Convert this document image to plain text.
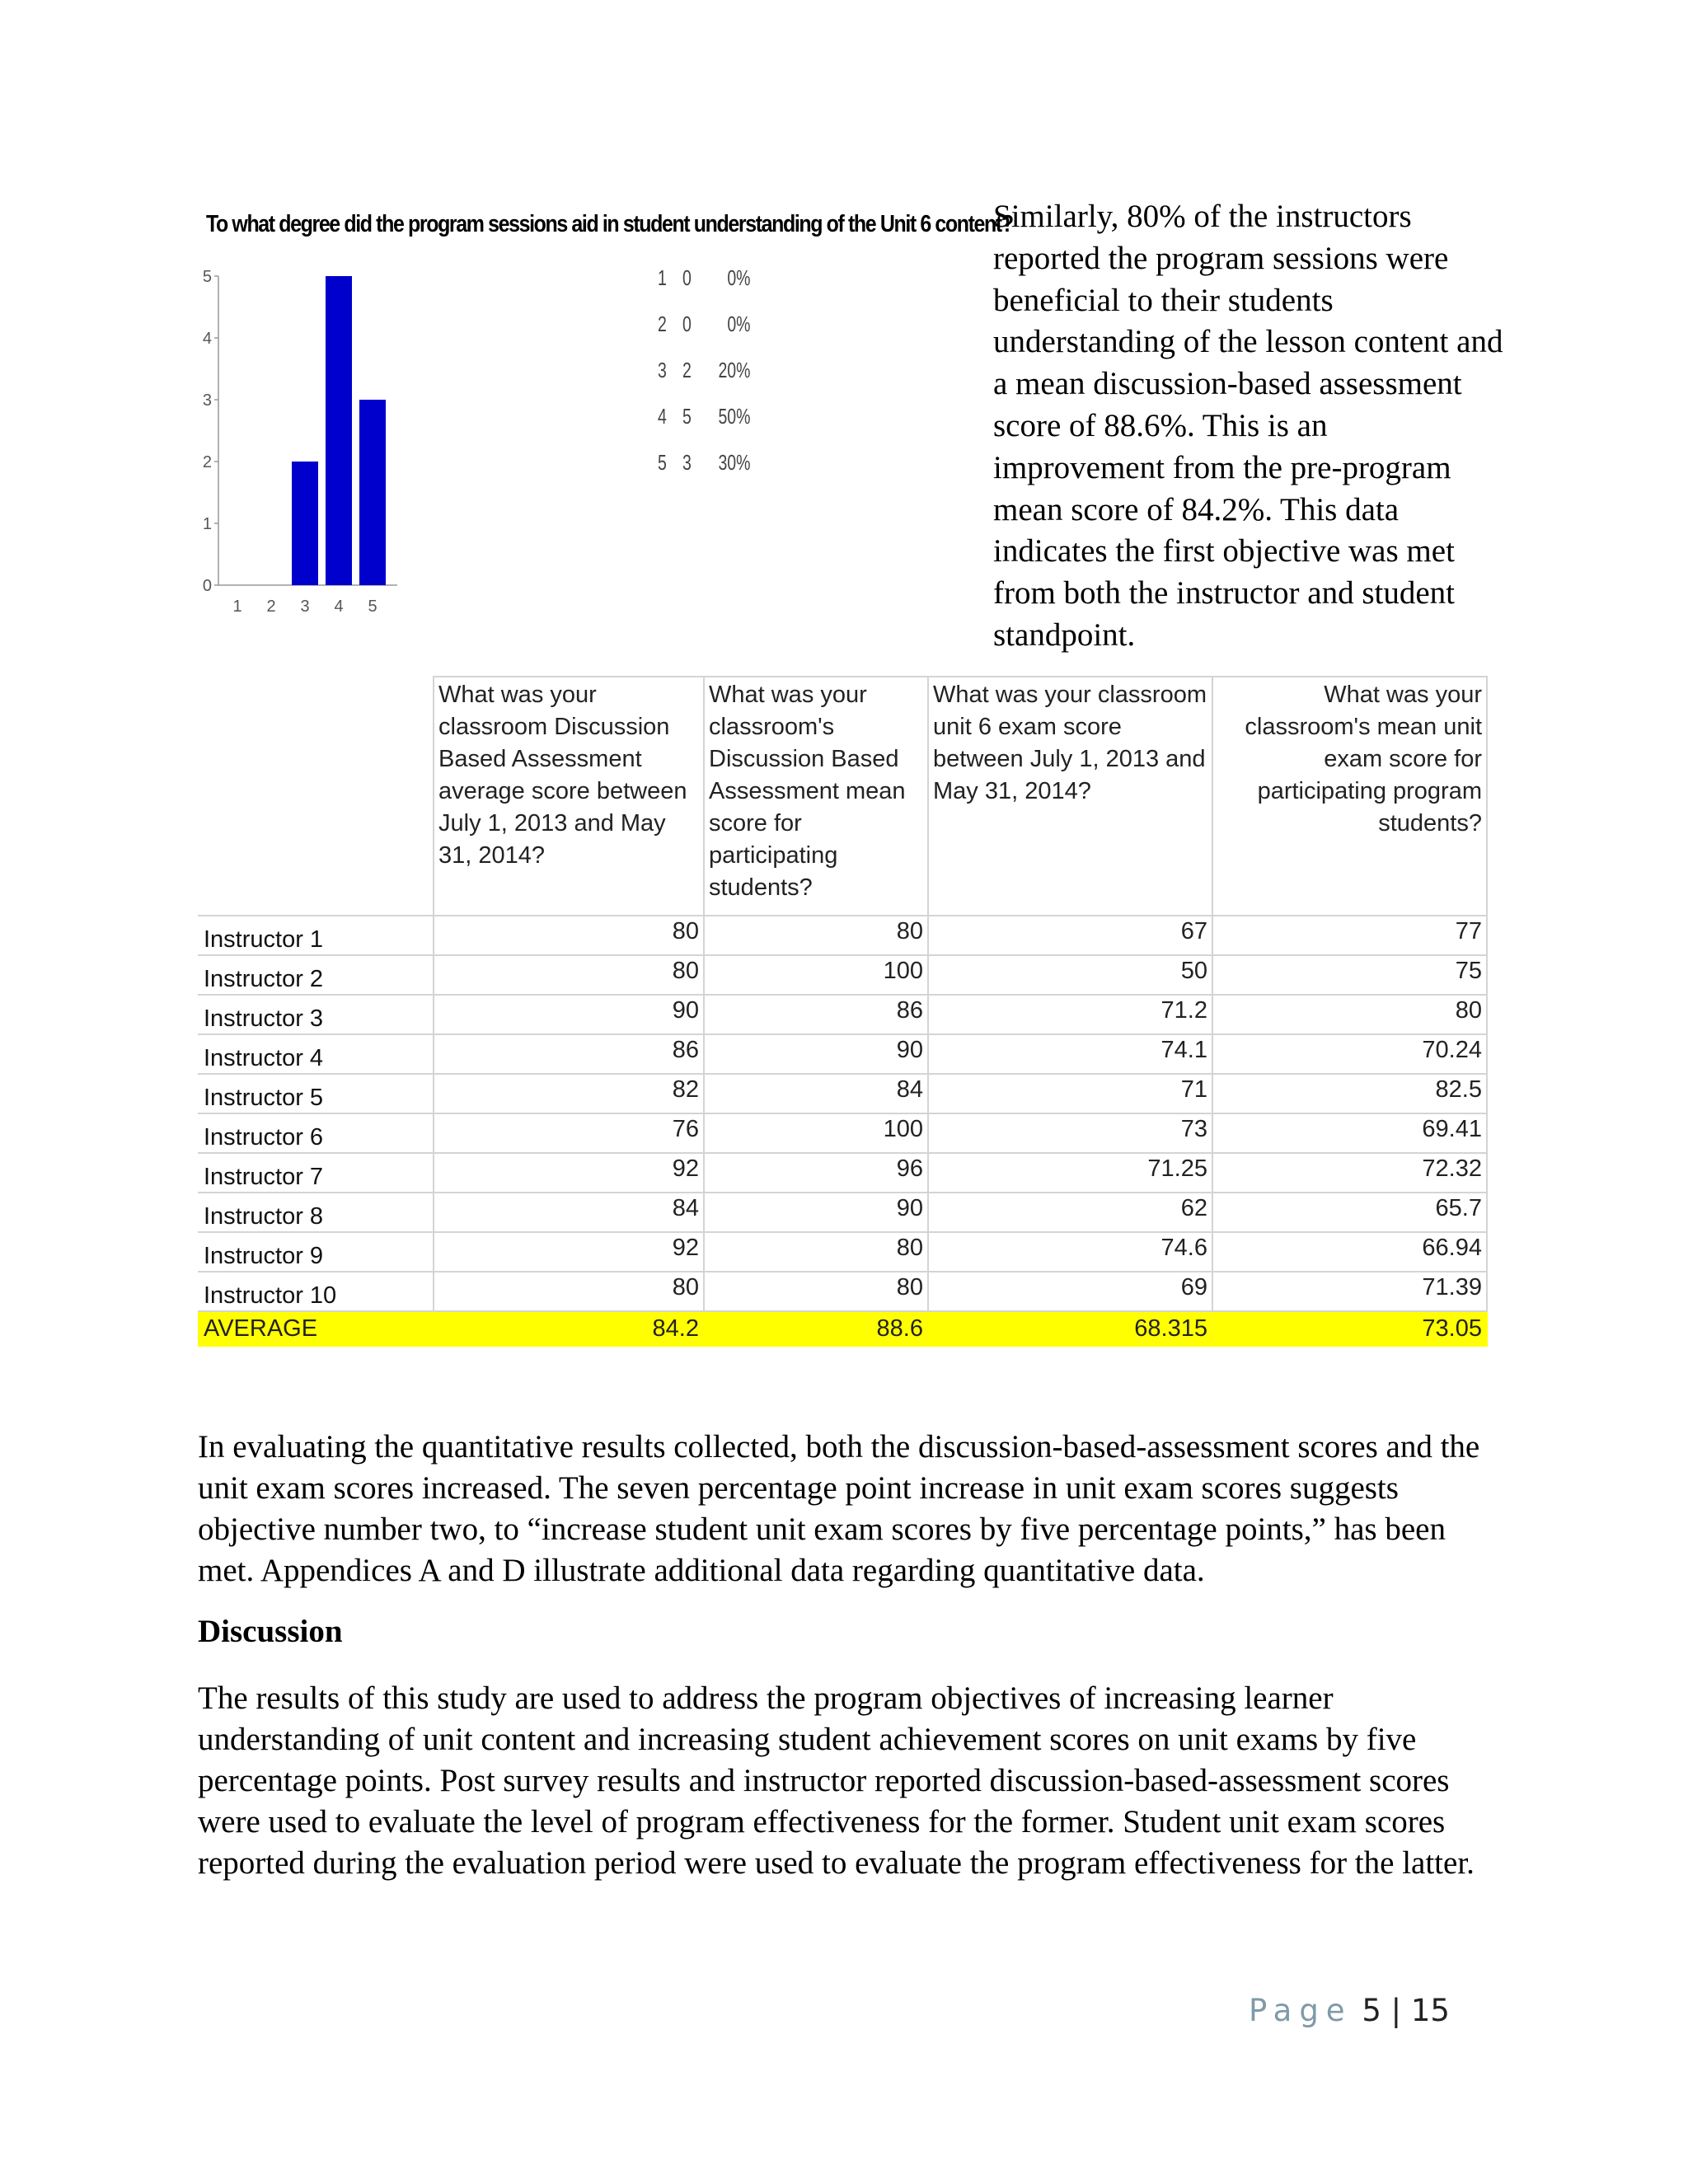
To what degree did the program sessions aid in student understanding of the Unit 6 content?
0
1
2
3
4
5
1 2 3 4 5
1 0	0%
2 0	0%
3 2	20%
4 5	50%
5 3	30%

Similarly, 80% of the instructors reported the program sessions were beneficial to their students understanding of the lesson content and a mean discussion-based assessment score of 88.6%. This is an improvement from the pre-program mean score of 84.2%. This data indicates the first objective was met from both the instructor and student standpoint.

	What was your classroom Discussion Based Assessment average score between July 1, 2013 and May 31, 2014?	What was your classroom's Discussion Based Assessment mean score for participating students?	What was your classroom unit 6 exam score between July 1, 2013 and May 31, 2014?	What was your classroom's mean unit exam score for participating program students?
Instructor 1	80	80	67	77
Instructor 2	80	100	50	75
Instructor 3	90	86	71.2	80
Instructor 4	86	90	74.1	70.24
Instructor 5	82	84	71	82.5
Instructor 6	76	100	73	69.41
Instructor 7	92	96	71.25	72.32
Instructor 8	84	90	62	65.7
Instructor 9	92	80	74.6	66.94
Instructor 10	80	80	69	71.39
AVERAGE	84.2	88.6	68.315	73.05

In evaluating the quantitative results collected, both the discussion-based-assessment scores and the unit exam scores increased. The seven percentage point increase in unit exam scores suggests objective number two, to “increase student unit exam scores by five percentage points,” has been met. Appendices A and D illustrate additional data regarding quantitative data.

Discussion

The results of this study are used to address the program objectives of increasing learner understanding of unit content and increasing student achievement scores on unit exams by five percentage points. Post survey results and instructor reported discussion-based-assessment scores were used to evaluate the level of program effectiveness for the former. Student unit exam scores reported during the evaluation period were used to evaluate the program effectiveness for the latter.

Page 5 | 15
